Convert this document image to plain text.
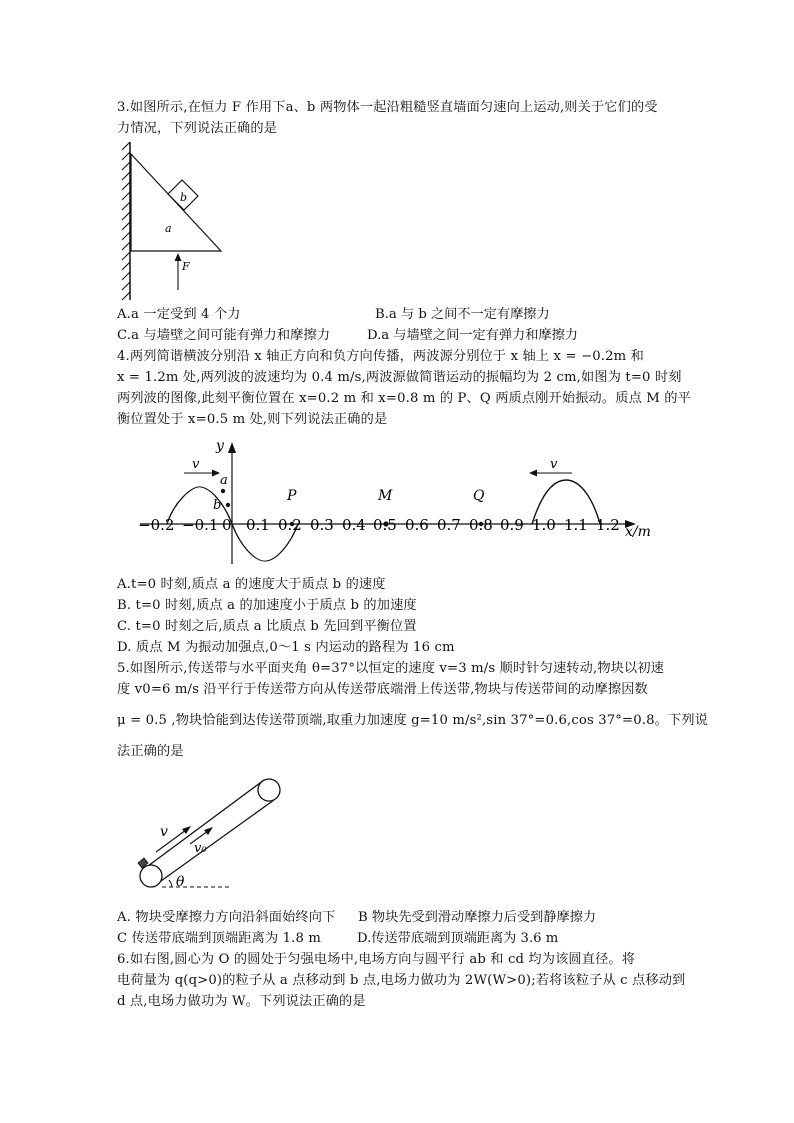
3.如图所示,在恒力 F 作用下a、b 两物体一起沿粗糙竖直墙面匀速向上运动,则关于它们的受
力情况，下列说法正确的是
b
a
F
A.a 一定受到 4 个力	B.a 与 b 之间不一定有摩擦力
C.a 与墙壁之间可能有弹力和摩擦力	D.a 与墙壁之间一定有弹力和摩擦力
4.两列简谐横波分别沿 x 轴正方向和负方向传播，两波源分别位于 x 轴上 x = −0.2m 和
x = 1.2m 处,两列波的波速均为 0.4 m/s,两波源做简谐运动的振幅均为 2 cm,如图为 t=0 时刻
两列波的图像,此刻平衡位置在 x=0.2 m 和 x=0.8 m 的 P、Q 两质点刚开始振动。质点 M 的平
衡位置处于 x=0.5 m 处,则下列说法正确的是
y
x/m
v	v
a
b
P	M	Q
−0.2 −0.1 0 0.1 0.2 0.3 0.4 0.5 0.6 0.7 0.8 0.9 1.0 1.1 1.2
A.t=0 时刻,质点 a 的速度大于质点 b 的速度
B. t=0 时刻,质点 a 的加速度小于质点 b 的加速度
C. t=0 时刻之后,质点 a 比质点 b 先回到平衡位置
D. 质点 M 为振动加强点,0～1 s 内运动的路程为 16 cm
5.如图所示,传送带与水平面夹角 θ=37°以恒定的速度 v=3 m/s 顺时针匀速转动,物块以初速
度 v0=6 m/s 沿平行于传送带方向从传送带底端滑上传送带,物块与传送带间的动摩擦因数
μ = 0.5 ,物块恰能到达传送带顶端,取重力加速度 g=10 m/s²,sin 37°=0.6,cos 37°=0.8。下列说
法正确的是
v
v₀
θ
A. 物块受摩擦力方向沿斜面始终向下 B 物块先受到滑动摩擦力后受到静摩擦力
C 传送带底端到顶端距离为 1.8 m	D.传送带底端到顶端距离为 3.6 m
6.如右图,圆心为 O 的圆处于匀强电场中,电场方向与圆平行 ab 和 cd 均为该圆直径。将
电荷量为 q(q>0)的粒子从 a 点移动到 b 点,电场力做功为 2W(W>0);若将该粒子从 c 点移动到
d 点,电场力做功为 W。下列说法正确的是
